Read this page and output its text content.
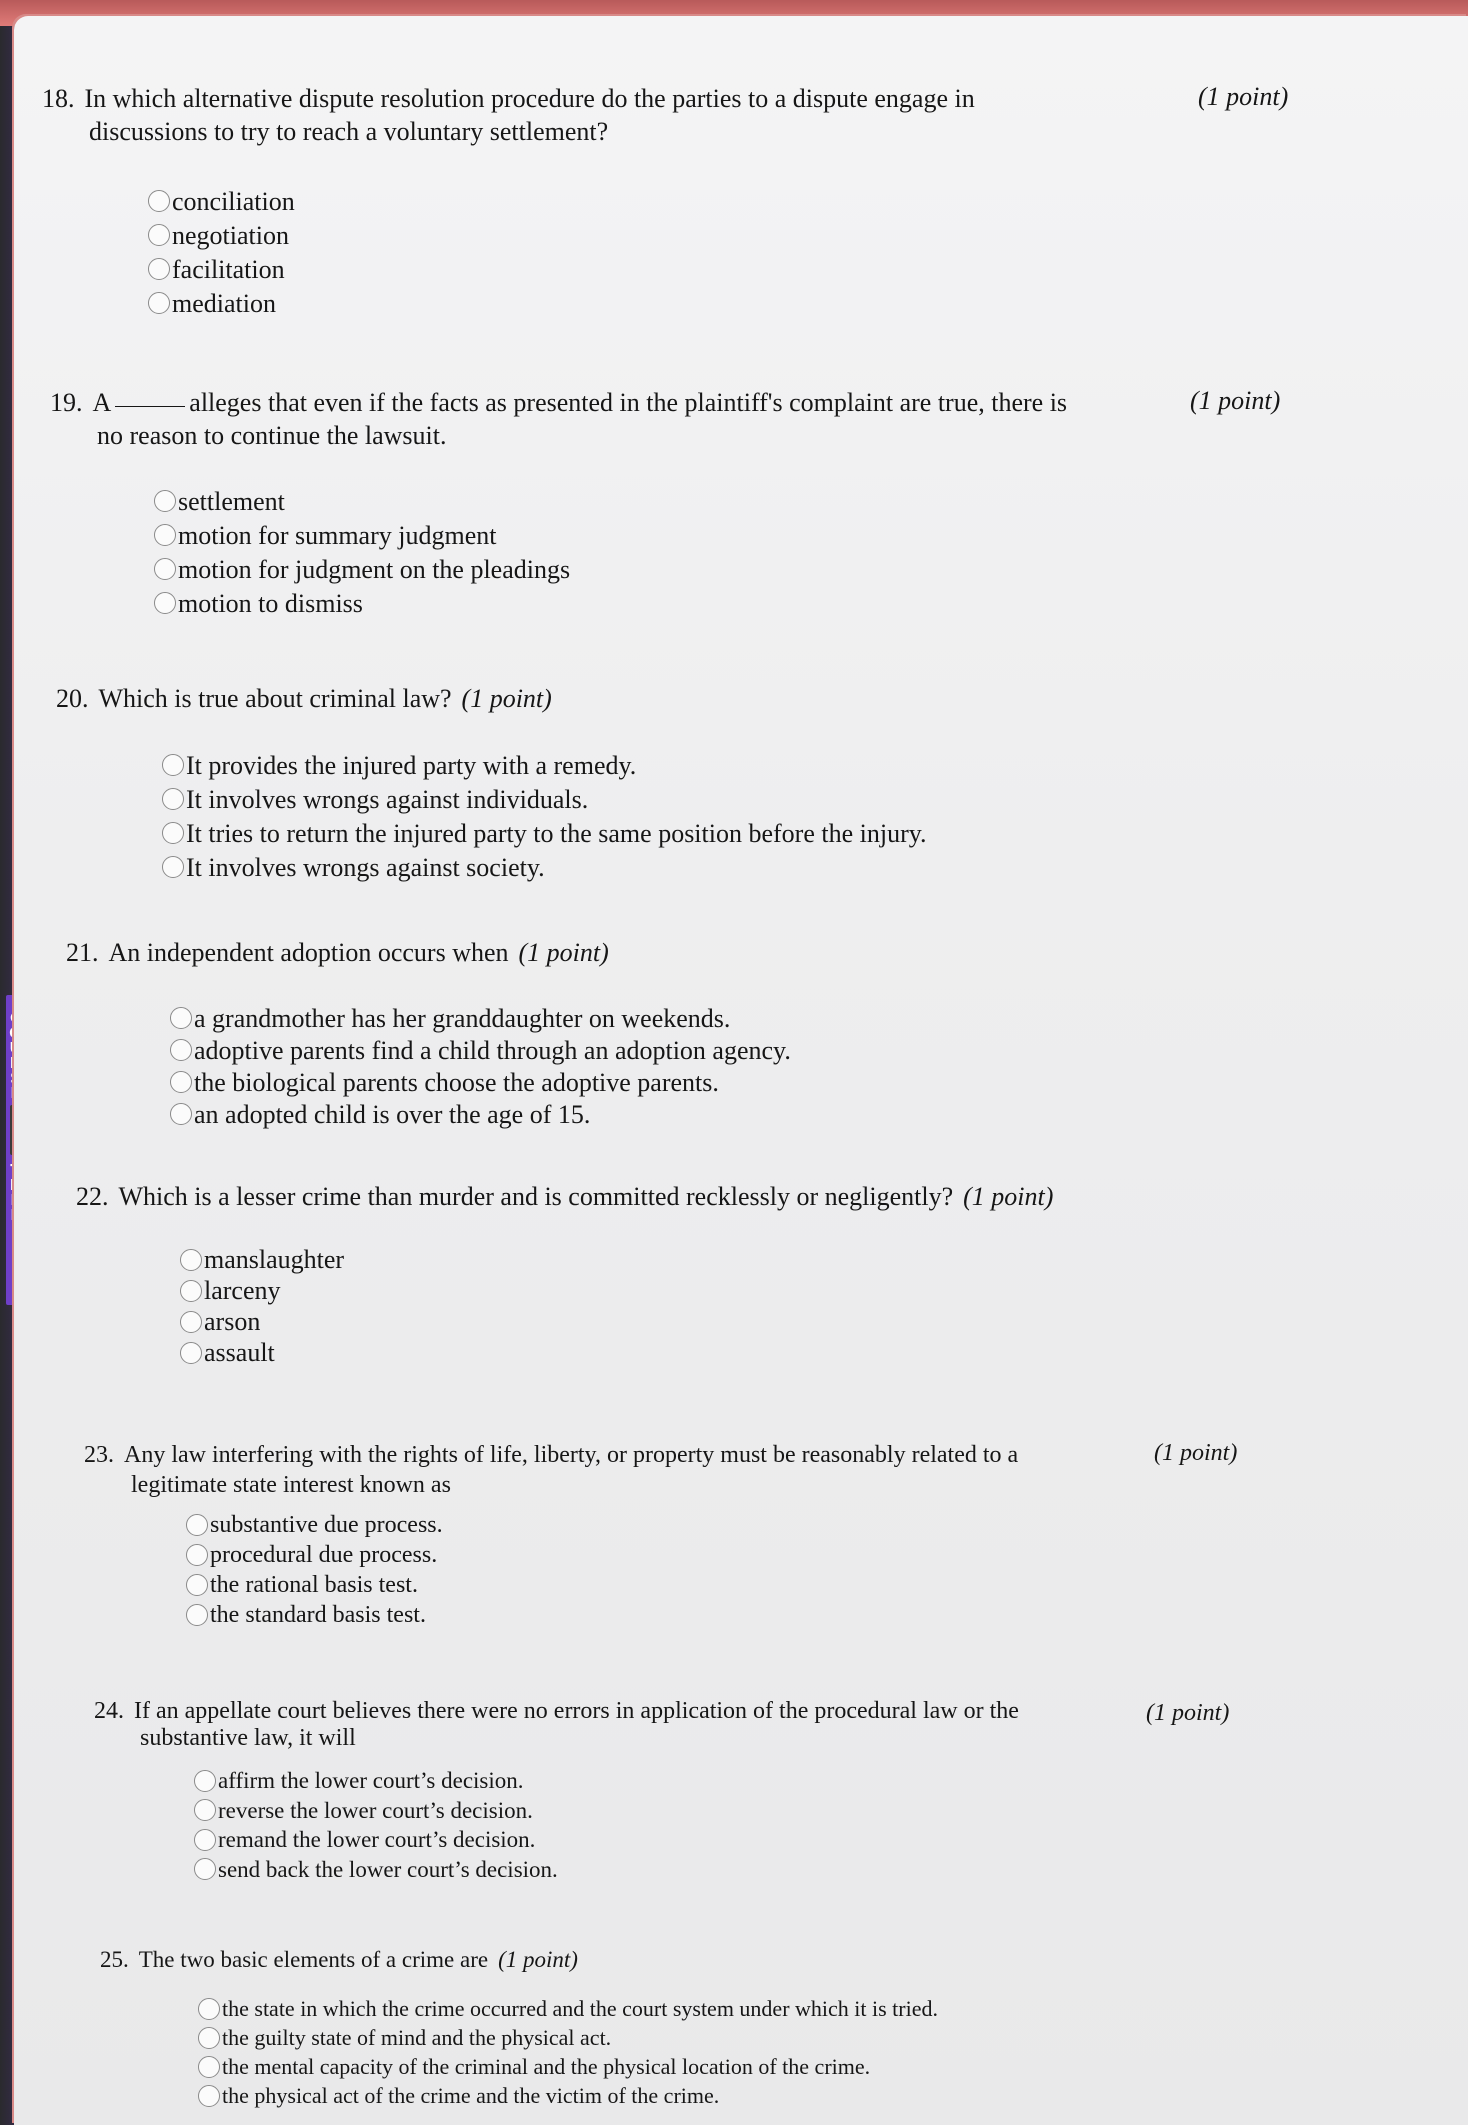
18. In which alternative dispute resolution procedure do the parties to a dispute engage in
discussions to try to reach a voluntary settlement?
(1 point)
conciliation
negotiation
facilitation
mediation
19. A	alleges that even if the facts as presented in the plaintiff's complaint are true, there is
no reason to continue the lawsuit.
(1 point)
settlement
motion for summary judgment
motion for judgment on the pleadings
motion to dismiss
20. Which is true about criminal law? (1 point)
It provides the injured party with a remedy.
It involves wrongs against individuals.
It tries to return the injured party to the same position before the injury.
It involves wrongs against society.
21. An independent adoption occurs when (1 point)
a grandmother has her granddaughter on weekends.
adoptive parents find a child through an adoption agency.
the biological parents choose the adoptive parents.
an adopted child is over the age of 15.
22. Which is a lesser crime than murder and is committed recklessly or negligently? (1 point)
manslaughter
larceny
arson
assault
23. Any law interfering with the rights of life, liberty, or property must be reasonably related to a
legitimate state interest known as
(1 point)
substantive due process.
procedural due process.
the rational basis test.
the standard basis test.
24. If an appellate court believes there were no errors in application of the procedural law or the
substantive law, it will
(1 point)
affirm the lower court’s decision.
reverse the lower court’s decision.
remand the lower court’s decision.
send back the lower court’s decision.
25. The two basic elements of a crime are (1 point)
the state in which the crime occurred and the court system under which it is tried.
the guilty state of mind and the physical act.
the mental capacity of the criminal and the physical location of the crime.
the physical act of the crime and the victim of the crime.
